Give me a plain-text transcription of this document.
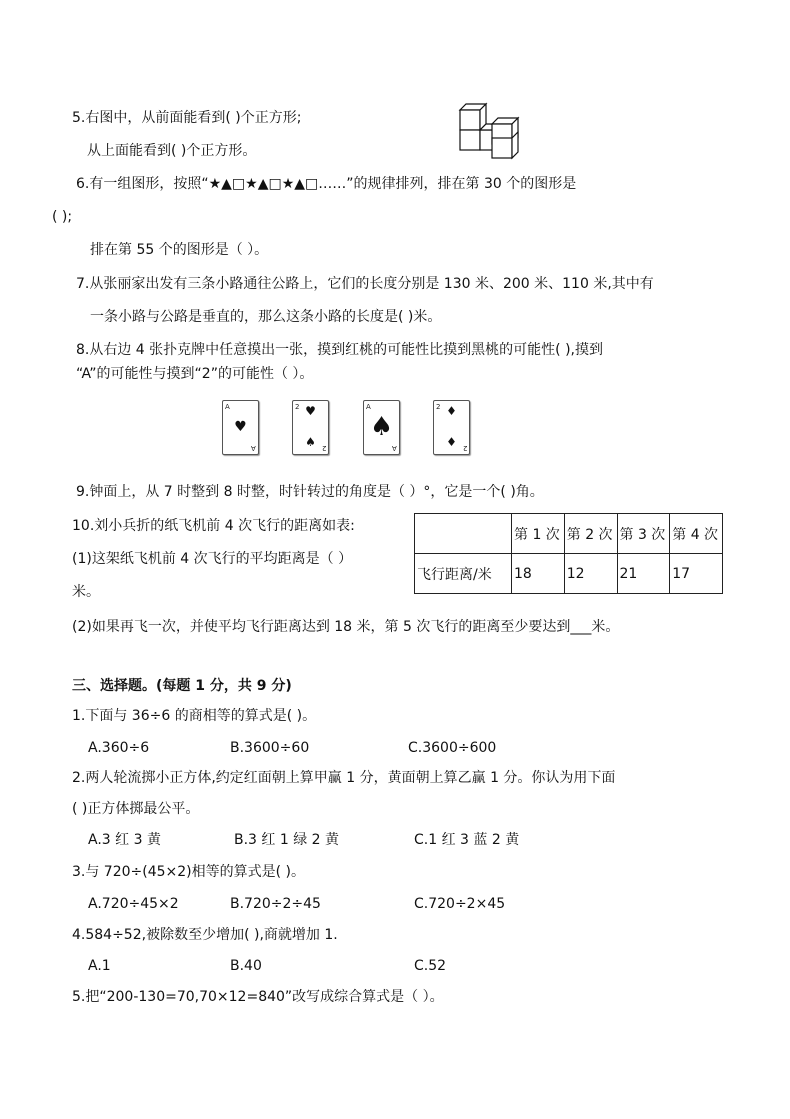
5.右图中，从前面能看到( )个正方形;
从上面能看到( )个正方形。
6.有一组图形，按照“★▲□★▲□★▲□……”的规律排列，排在第 30 个的图形是
( );
排在第 55 个的图形是（ ）。
7.从张丽家出发有三条小路通往公路上，它们的长度分别是 130 米、200 米、110 米,其中有
一条小路与公路是垂直的，那么这条小路的长度是( )米。
8.从右边 4 张扑克牌中任意摸出一张，摸到红桃的可能性比摸到黑桃的可能性( ),摸到
“A”的可能性与摸到“2”的可能性（ ）。
A
♥
A
2 ♥
♠ 2
A
♠
A
2 ♦
♦ 2
9.钟面上，从 7 时整到 8 时整，时针转过的角度是（ ）°，它是一个( )角。
10.刘小兵折的纸飞机前 4 次飞行的距离如表:
(1)这架纸飞机前 4 次飞行的平均距离是（ ）
米。
(2)如果再飞一次，并使平均飞行距离达到 18 米，第 5 次飞行的距离至少要达到___米。
	第 1 次	第 2 次	第 3 次	第 4 次
飞行距离/米	18	12	21	17
三、选择题。(每题 1 分，共 9 分)
1.下面与 36÷6 的商相等的算式是( )。
A.360÷6	B.3600÷60	C.3600÷600
2.两人轮流掷小正方体,约定红面朝上算甲赢 1 分，黄面朝上算乙赢 1 分。你认为用下面
( )正方体掷最公平。
A.3 红 3 黄	B.3 红 1 绿 2 黄	C.1 红 3 蓝 2 黄
3.与 720÷(45×2)相等的算式是( )。
A.720÷45×2	B.720÷2÷45	C.720÷2×45
4.584÷52,被除数至少增加( ),商就增加 1.
A.1	B.40	C.52
5.把“200-130=70,70×12=840”改写成综合算式是（ ）。
